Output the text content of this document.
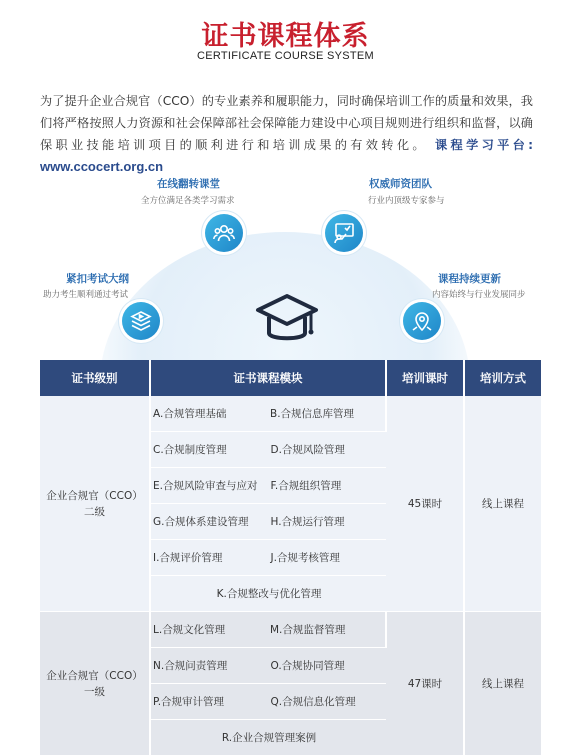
证书课程体系
CERTIFICATE COURSE SYSTEM
为了提升企业合规官（CCO）的专业素养和履职能力，同时确保培训工作的质量和效果，我们将严格按照人力资源和社会保障部社会保障能力建设中心项目规则进行组织和监督，以确保职业技能培训项目的顺利进行和培训成果的有效转化。 课程学习平台: www.ccocert.org.cn
在线翻转课堂
全方位满足各类学习需求
权威师资团队
行业内顶级专家参与
紧扣考试大纲
助力考生顺利通过考试
课程持续更新
内容始终与行业发展同步
证书级别	证书课程模块	培训课时	培训方式

企业合规官（CCO）
二级

A.合规管理基础	B.合规信息库管理
	45课时	线上课程

C.合规制度管理	D.合规风险管理

E.合规风险审查与应对	F.合规组织管理

G.合规体系建设管理	H.合规运行管理

I.合规评价管理	J.合规考核管理

K.合规整改与优化管理

企业合规官（CCO）
一级

L.合规文化管理	M.合规监督管理
	47课时	线上课程

N.合规问责管理	O.合规协同管理

P.合规审计管理	Q.合规信息化管理

R.企业合规管理案例
